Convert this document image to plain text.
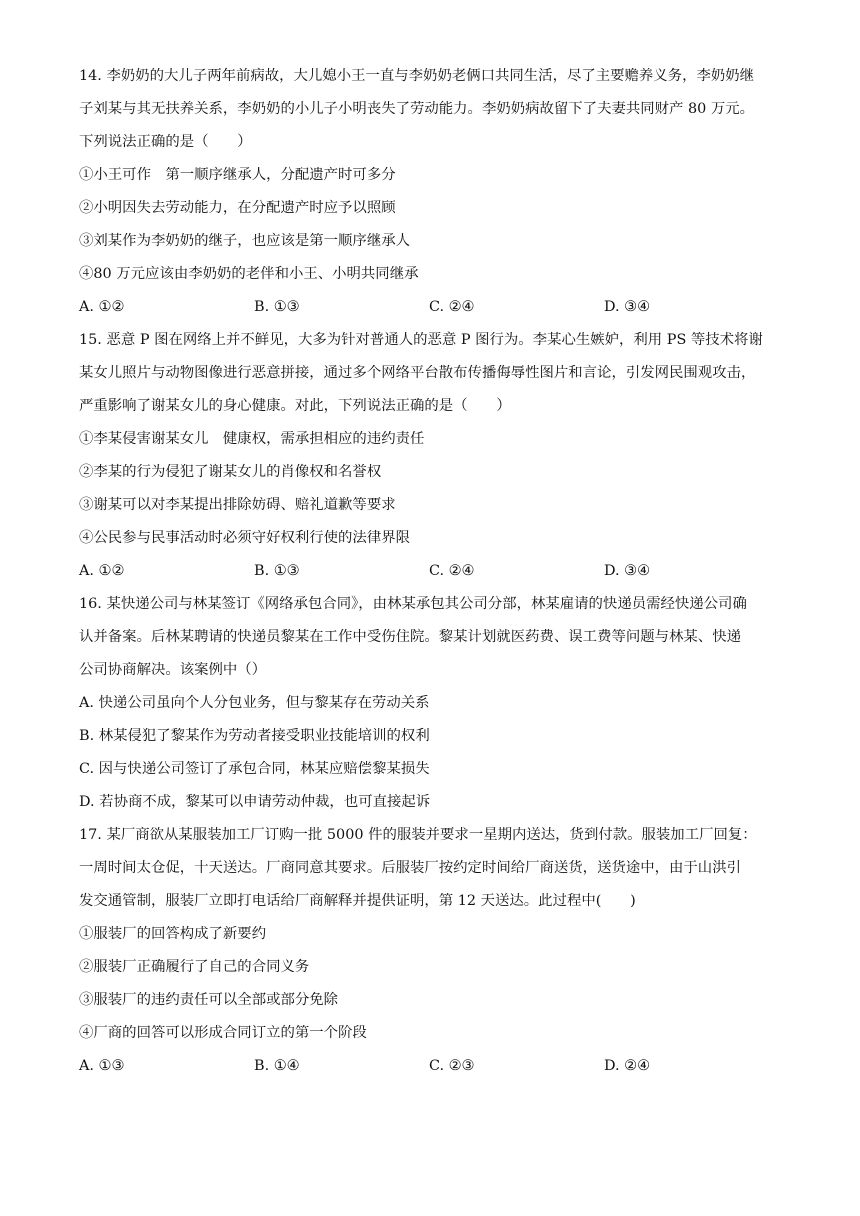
14. 李奶奶的大儿子两年前病故，大儿媳小王一直与李奶奶老俩口共同生活，尽了主要赡养义务，李奶奶继

子刘某与其无扶养关系，李奶奶的小儿子小明丧失了劳动能力。李奶奶病故留下了夫妻共同财产 80 万元。

下列说法正确的是（　　）

①小王可作　第一顺序继承人，分配遗产时可多分

②小明因失去劳动能力，在分配遗产时应予以照顾

③刘某作为李奶奶的继子，也应该是第一顺序继承人

④80 万元应该由李奶奶的老伴和小王、小明共同继承

A. ①②	B. ①③	C. ②④	D. ③④

15. 恶意 P 图在网络上并不鲜见，大多为针对普通人的恶意 P 图行为。李某心生嫉妒，利用 PS 等技术将谢

某女儿照片与动物图像进行恶意拼接，通过多个网络平台散布传播侮辱性图片和言论，引发网民围观攻击，

严重影响了谢某女儿的身心健康。对此，下列说法正确的是（　　）

①李某侵害谢某女儿　健康权，需承担相应的违约责任

②李某的行为侵犯了谢某女儿的肖像权和名誉权

③谢某可以对李某提出排除妨碍、赔礼道歉等要求

④公民参与民事活动时必须守好权利行使的法律界限

A. ①②	B. ①③	C. ②④	D. ③④

16. 某快递公司与林某签订《网络承包合同》，由林某承包其公司分部，林某雇请的快递员需经快递公司确

认并备案。后林某聘请的快递员黎某在工作中受伤住院。黎某计划就医药费、误工费等问题与林某、快递

公司协商解决。该案例中（）

A. 快递公司虽向个人分包业务，但与黎某存在劳动关系

B. 林某侵犯了黎某作为劳动者接受职业技能培训的权利

C. 因与快递公司签订了承包合同，林某应赔偿黎某损失

D. 若协商不成，黎某可以申请劳动仲裁，也可直接起诉

17. 某厂商欲从某服装加工厂订购一批 5000 件的服装并要求一星期内送达，货到付款。服装加工厂回复：

一周时间太仓促，十天送达。厂商同意其要求。后服装厂按约定时间给厂商送货，送货途中，由于山洪引

发交通管制，服装厂立即打电话给厂商解释并提供证明，第 12 天送达。此过程中(　　)

①服装厂的回答构成了新要约

②服装厂正确履行了自己的合同义务

③服装厂的违约责任可以全部或部分免除

④厂商的回答可以形成合同订立的第一个阶段

A. ①③	B. ①④	C. ②③	D. ②④
